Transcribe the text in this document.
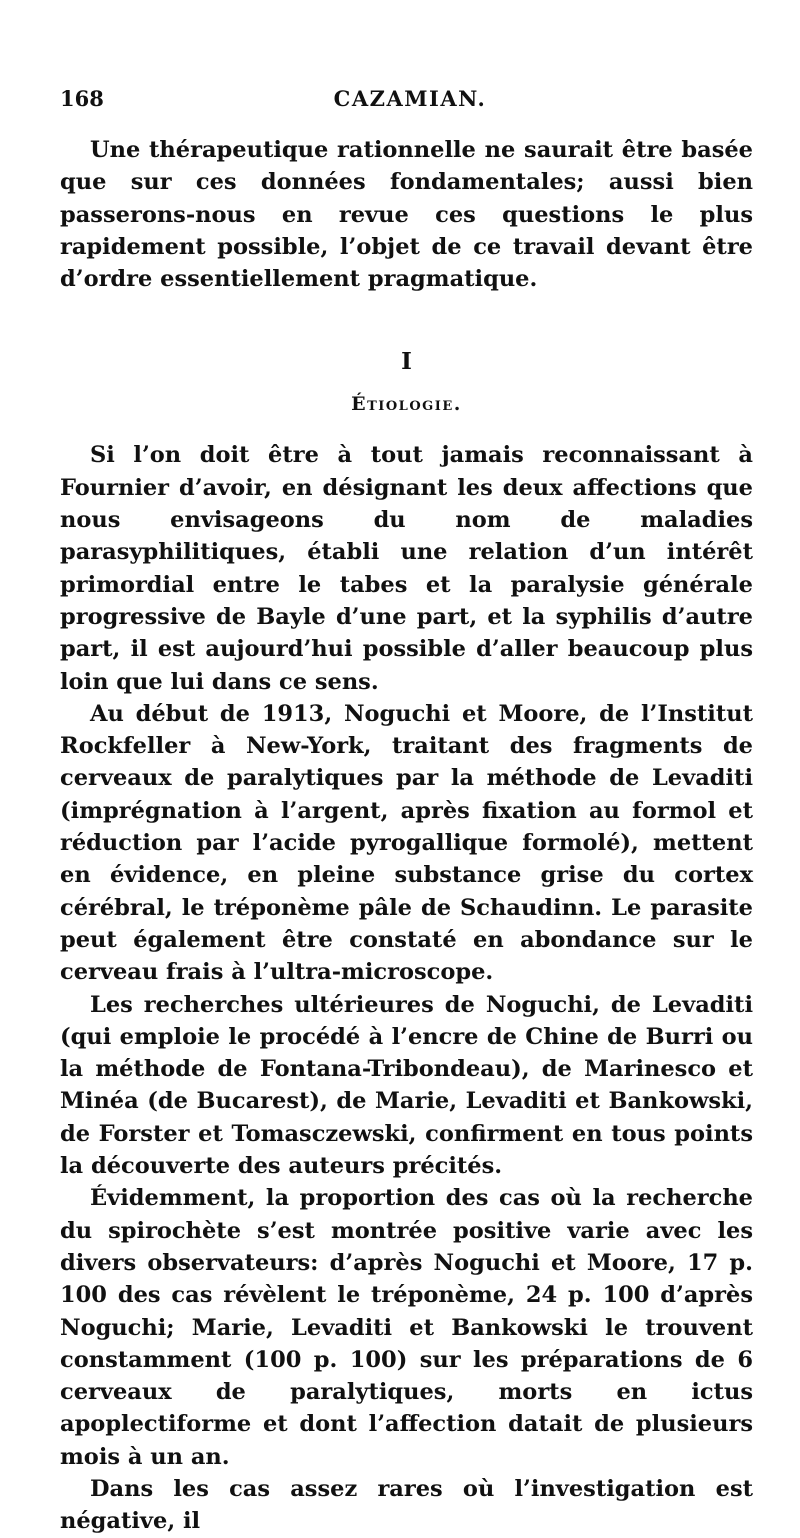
168	CAZAMIAN.

Une thérapeutique rationnelle ne saurait être basée que sur ces données fondamentales; aussi bien passerons-nous en revue ces questions le plus rapidement possible, l’objet de ce travail devant être d’ordre essentiellement pragmatique.

I
Étiologie.

Si l’on doit être à tout jamais reconnaissant à Fournier d’avoir, en désignant les deux affections que nous envisageons du nom de maladies parasyphilitiques, établi une relation d’un intérêt primordial entre le tabes et la paralysie générale progressive de Bayle d’une part, et la syphilis d’autre part, il est aujourd’hui possible d’aller beaucoup plus loin que lui dans ce sens.

Au début de 1913, Noguchi et Moore, de l’Institut Rockfeller à New-York, traitant des fragments de cerveaux de paralytiques par la méthode de Levaditi (imprégnation à l’argent, après fixation au formol et réduction par l’acide pyrogallique formolé), mettent en évidence, en pleine substance grise du cortex cérébral, le tréponème pâle de Schaudinn. Le parasite peut également être constaté en abondance sur le cerveau frais à l’ultra-microscope.

Les recherches ultérieures de Noguchi, de Levaditi (qui emploie le procédé à l’encre de Chine de Burri ou la méthode de Fontana-Tribondeau), de Marinesco et Minéa (de Bucarest), de Marie, Levaditi et Bankowski, de Forster et Tomasczewski, confirment en tous points la découverte des auteurs précités.

Évidemment, la proportion des cas où la recherche du spirochète s’est montrée positive varie avec les divers observateurs: d’après Noguchi et Moore, 17 p. 100 des cas révèlent le tréponème, 24 p. 100 d’après Noguchi; Marie, Levaditi et Bankowski le trouvent constamment (100 p. 100) sur les préparations de 6 cerveaux de paralytiques, morts en ictus apoplectiforme et dont l’affection datait de plusieurs mois à un an.

Dans les cas assez rares où l’investigation est négative, il
